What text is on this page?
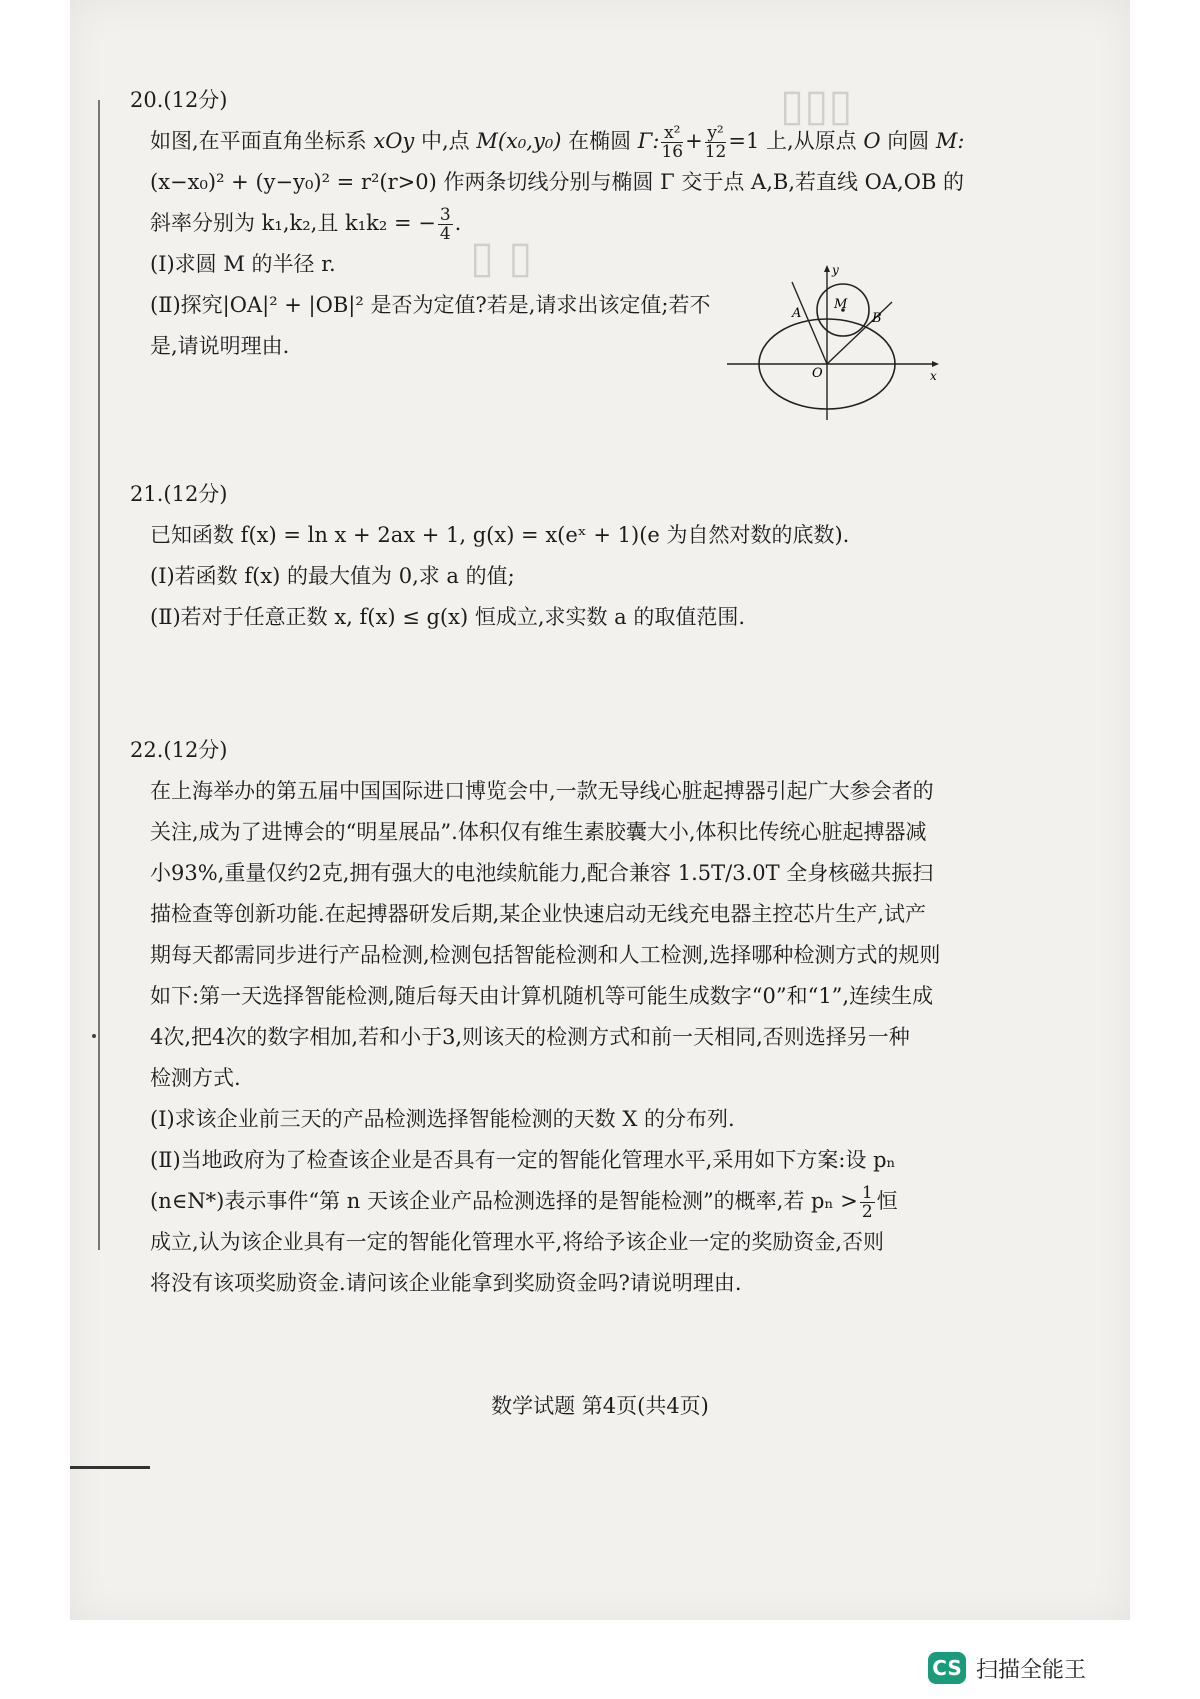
▯▯▯
▯ ▯

20.(12分)

如图,在平面直角坐标系 xOy 中,点 M(x₀,y₀) 在椭圆 Γ: $\frac{\text{x²}}{16} + \frac{\text{y²}}{12} =1$ 上,从原点 O 向圆 M:

(x−x₀)² + (y−y₀)² = r²(r>0) 作两条切线分别与椭圆 Γ 交于点 A,B,若直线 OA,OB 的

斜率分别为 k₁,k₂,且 k₁k₂ = − $\frac{3}{4}$ .

(Ⅰ)求圆 M 的半径 r.

(Ⅱ)探究|OA|² + |OB|² 是否为定值?若是,请求出该定值;若不

是,请说明理由.

y
x
M
A	B
O

21.(12分)

已知函数 f(x) = ln x + 2ax + 1, g(x) = x(eˣ + 1)(e 为自然对数的底数).

(Ⅰ)若函数 f(x) 的最大值为 0,求 a 的值;

(Ⅱ)若对于任意正数 x, f(x) ≤ g(x) 恒成立,求实数 a 的取值范围.

22.(12分)

在上海举办的第五届中国国际进口博览会中,一款无导线心脏起搏器引起广大参会者的

关注,成为了进博会的“明星展品”.体积仅有维生素胶囊大小,体积比传统心脏起搏器减

小93%,重量仅约2克,拥有强大的电池续航能力,配合兼容 1.5T/3.0T 全身核磁共振扫

描检查等创新功能.在起搏器研发后期,某企业快速启动无线充电器主控芯片生产,试产

期每天都需同步进行产品检测,检测包括智能检测和人工检测,选择哪种检测方式的规则

如下:第一天选择智能检测,随后每天由计算机随机等可能生成数字“0”和“1”,连续生成

4次,把4次的数字相加,若和小于3,则该天的检测方式和前一天相同,否则选择另一种

检测方式.

(Ⅰ)求该企业前三天的产品检测选择智能检测的天数 X 的分布列.

(Ⅱ)当地政府为了检查该企业是否具有一定的智能化管理水平,采用如下方案:设 pₙ

(n∈N*)表示事件“第 n 天该企业产品检测选择的是智能检测”的概率,若 $p_n > \frac{1}{2}$ 恒

成立,认为该企业具有一定的智能化管理水平,将给予该企业一定的奖励资金,否则

将没有该项奖励资金.请问该企业能拿到奖励资金吗?请说明理由.

数学试题 第4页(共4页)
CS 扫描全能王
